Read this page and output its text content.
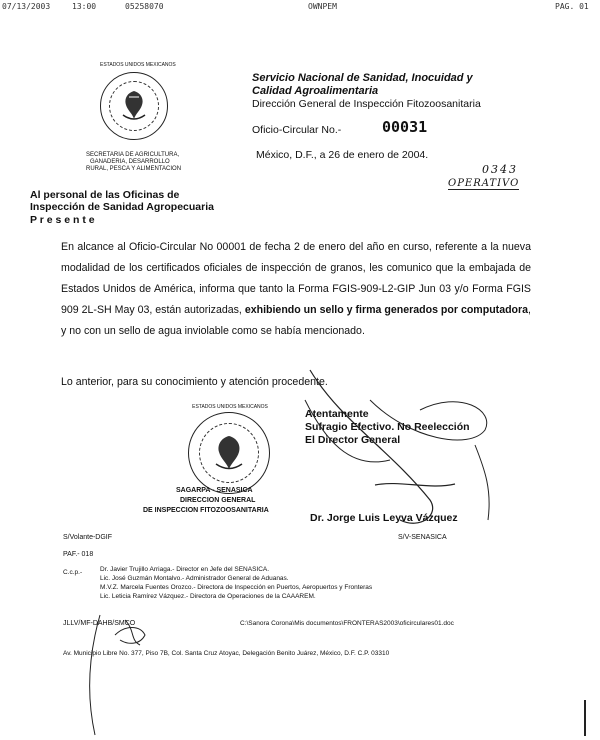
07/13/2003	13:00	05258070	OWNPEM	PAG. 01
ESTADOS UNIDOS MEXICANOS
SECRETARIA DE AGRICULTURA,
GANADERIA, DESARROLLO
RURAL, PESCA Y ALIMENTACION
Servicio Nacional de Sanidad, Inocuidad y
Calidad Agroalimentaria
Dirección General de Inspección Fitozoosanitaria
Oficio-Circular No.-	00031
México, D.F., a 26 de enero de 2004.
0343
OPERATIVO
Al personal de las Oficinas de
Inspección de Sanidad Agropecuaria
P r e s e n t e
En alcance al Oficio-Circular No 00001 de fecha 2 de enero del año en curso, referente a la nueva modalidad de los certificados oficiales de inspección de granos, les comunico que la embajada de Estados Unidos de América, informa que tanto la Forma FGIS-909-L2-GIP Jun 03 y/o Forma FGIS 909 2L-SH May 03, están autorizadas, exhibiendo un sello y firma generados por computadora, y no con un sello de agua inviolable como se había mencionado.
Lo anterior, para su conocimiento y atención procedente.
Atentamente
Sufragio Efectivo. No Reelección
El Director General
Dr. Jorge Luis Leyva Vázquez
ESTADOS UNIDOS MEXICANOS
SAGARPA - SENASICA
DIRECCION GENERAL
DE INSPECCION FITOZOOSANITARIA
S/Volante-DGIF	S/V-SENASICA
PAF.- 018
C.c.p.-	Dr. Javier Trujillo Arriaga.- Director en Jefe del SENASICA.
Lic. José Guzmán Montalvo.- Administrador General de Aduanas.
M.V.Z. Marcela Fuentes Orozco.- Directora de Inspección en Puertos, Aeropuertos y Fronteras
Lic. Leticia Ramírez Vázquez.- Directora de Operaciones de la CAAAREM.
JLLV/MF-DAHB/SMCO	C:\Sanora Corona\Mis documentos\FRONTERAS2003\oficirculares01.doc
Av. Municipio Libre No. 377, Piso 7B, Col. Santa Cruz Atoyac, Delegación Benito Juárez, México, D.F. C.P. 03310
